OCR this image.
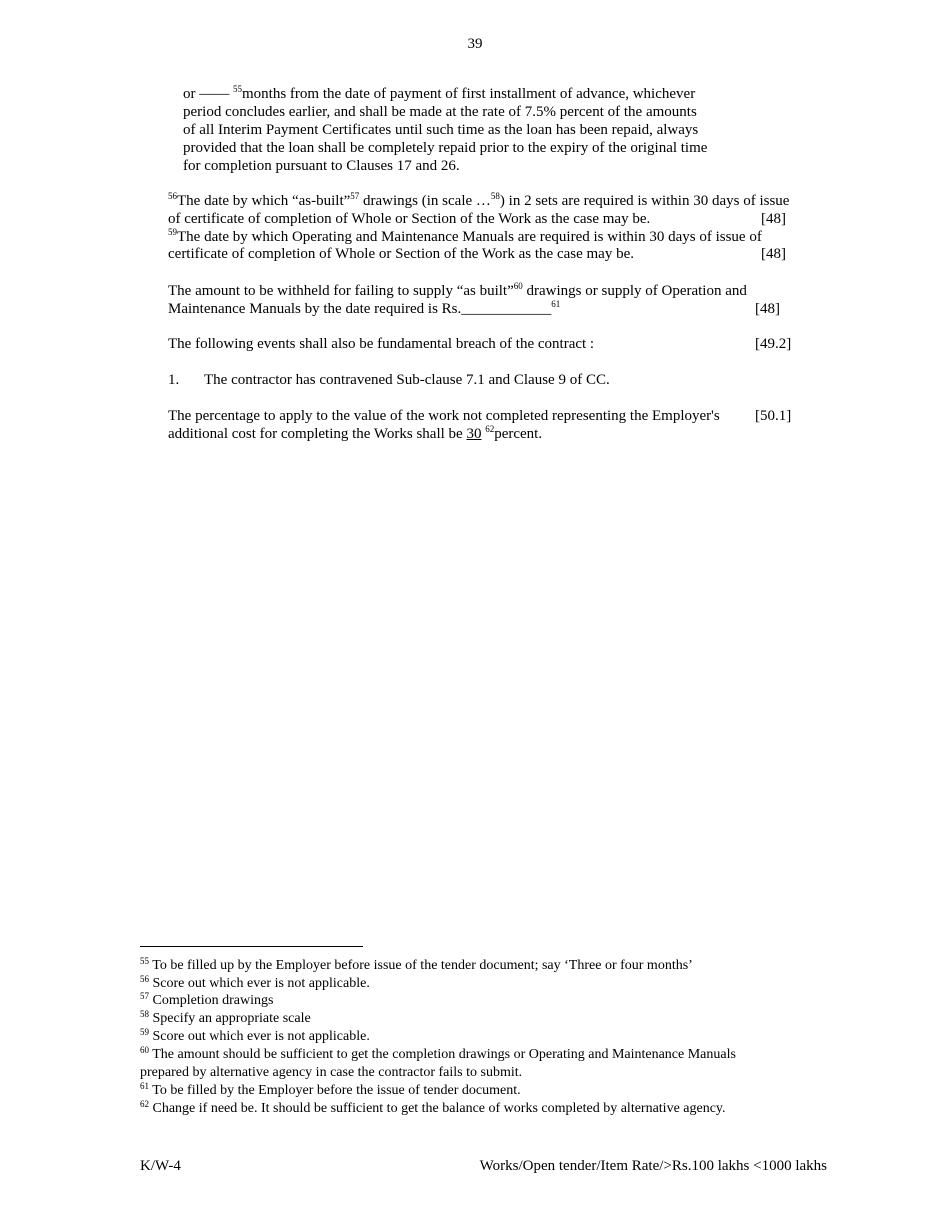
39
or —— $^{55}$months from the date of payment of first installment of advance, whichever
period concludes earlier, and shall be made at the rate of 7.5% percent of the amounts
of all Interim Payment Certificates until such time as the loan has been repaid, always
provided that the loan shall be completely repaid prior to the expiry of the original time
for completion pursuant to Clauses 17 and 26.
$^{56}$The date by which “as-built”$^{57}$ drawings (in scale …$^{58}$) in 2 sets are required is within 30 days of issue
of certificate of completion of Whole or Section of the Work as the case may be.	[48]
$^{59}$The date by which Operating and Maintenance Manuals are required is within 30 days of issue of
certificate of completion of Whole or Section of the Work as the case may be.	[48]
The amount to be withheld for failing to supply “as built”$^{60}$ drawings or supply of Operation and
Maintenance Manuals by the date required is Rs.____________$^{61}$	[48]
The following events shall also be fundamental breach of the contract :	[49.2]
1. The contractor has contravened Sub-clause 7.1 and Clause 9 of CC.
The percentage to apply to the value of the work not completed representing the Employer's [50.1]
additional cost for completing the Works shall be 30 $^{62}$percent.
$^{55}$ To be filled up by the Employer before issue of the tender document; say ‘Three or four months’
$^{56}$ Score out which ever is not applicable.
$^{57}$ Completion drawings
$^{58}$ Specify an appropriate scale
$^{59}$ Score out which ever is not applicable.
$^{60}$ The amount should be sufficient to get the completion drawings or Operating and Maintenance Manuals
prepared by alternative agency in case the contractor fails to submit.
$^{61}$ To be filled by the Employer before the issue of tender document.
$^{62}$ Change if need be. It should be sufficient to get the balance of works completed by alternative agency.
K/W-4	Works/Open tender/Item Rate/>Rs.100 lakhs <1000 lakhs
